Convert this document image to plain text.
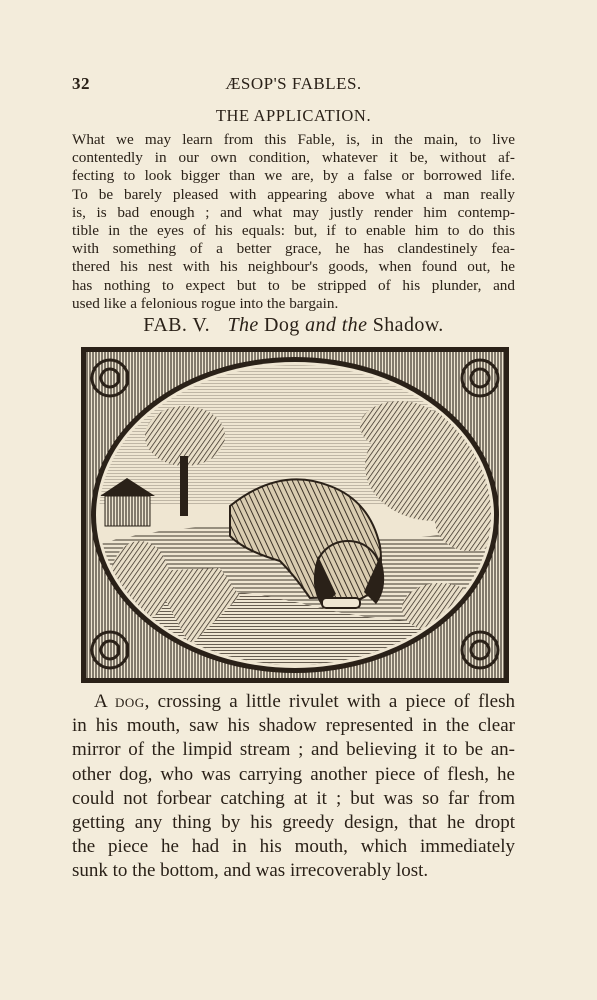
32	ÆSOP'S FABLES.
THE APPLICATION.
What we may learn from this Fable, is, in the main, to live
contentedly in our own condition, whatever it be, without af-
fecting to look bigger than we are, by a false or borrowed life.
To be barely pleased with appearing above what a man really
is, is bad enough ; and what may justly render him contemp-
tible in the eyes of his equals: but, if to enable him to do this
with something of a better grace, he has clandestinely fea-
thered his nest with his neighbour's goods, when found out, he
has nothing to expect but to be stripped of his plunder, and
used like a felonious rogue into the bargain.
FAB. V. The Dog and the Shadow.
A dog, crossing a little rivulet with a piece of flesh
in his mouth, saw his shadow represented in the clear
mirror of the limpid stream ; and believing it to be an-
other dog, who was carrying another piece of flesh, he
could not forbear catching at it ; but was so far from
getting any thing by his greedy design, that he dropt
the piece he had in his mouth, which immediately
sunk to the bottom, and was irrecoverably lost.
